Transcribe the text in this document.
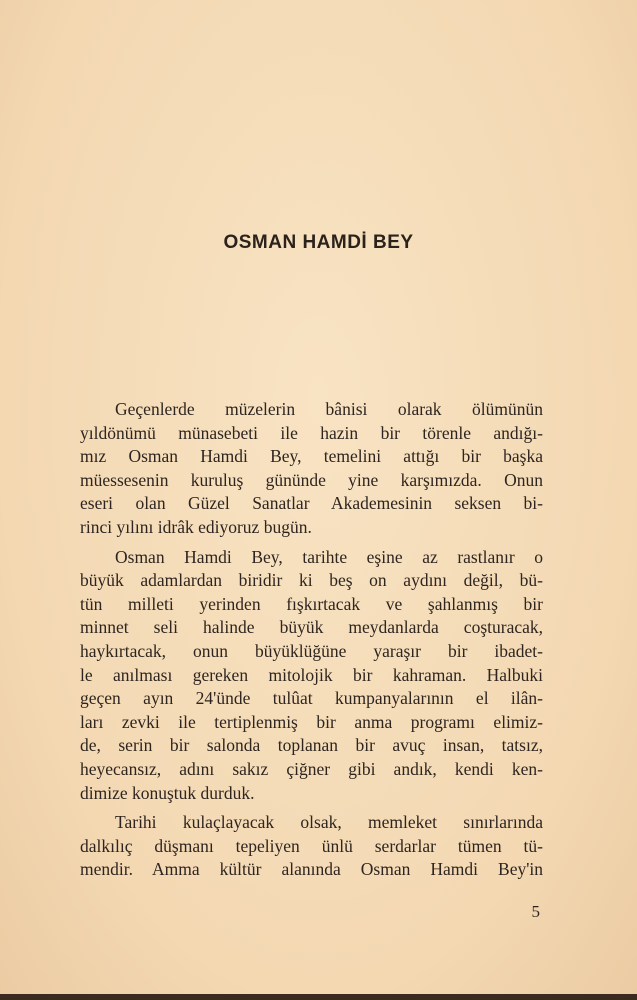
OSMAN HAMDİ BEY
Geçenlerde müzelerin bânisi olarak ölümünün
yıldönümü münasebeti ile hazin bir törenle andığı-
mız Osman Hamdi Bey, temelini attığı bir başka
müessesenin kuruluş gününde yine karşımızda. Onun
eseri olan Güzel Sanatlar Akademesinin seksen bi-
rinci yılını idrâk ediyoruz bugün.
Osman Hamdi Bey, tarihte eşine az rastlanır o
büyük adamlardan biridir ki beş on aydını değil, bü-
tün milleti yerinden fışkırtacak ve şahlanmış bir
minnet seli halinde büyük meydanlarda coşturacak,
haykırtacak, onun büyüklüğüne yaraşır bir ibadet-
le anılması gereken mitolojik bir kahraman. Halbuki
geçen ayın 24'ünde tulûat kumpanyalarının el ilân-
ları zevki ile tertiplenmiş bir anma programı elimiz-
de, serin bir salonda toplanan bir avuç insan, tatsız,
heyecansız, adını sakız çiğner gibi andık, kendi ken-
dimize konuştuk durduk.
Tarihi kulaçlayacak olsak, memleket sınırlarında
dalkılıç düşmanı tepeliyen ünlü serdarlar tümen tü-
mendir. Amma kültür alanında Osman Hamdi Bey'in
5
